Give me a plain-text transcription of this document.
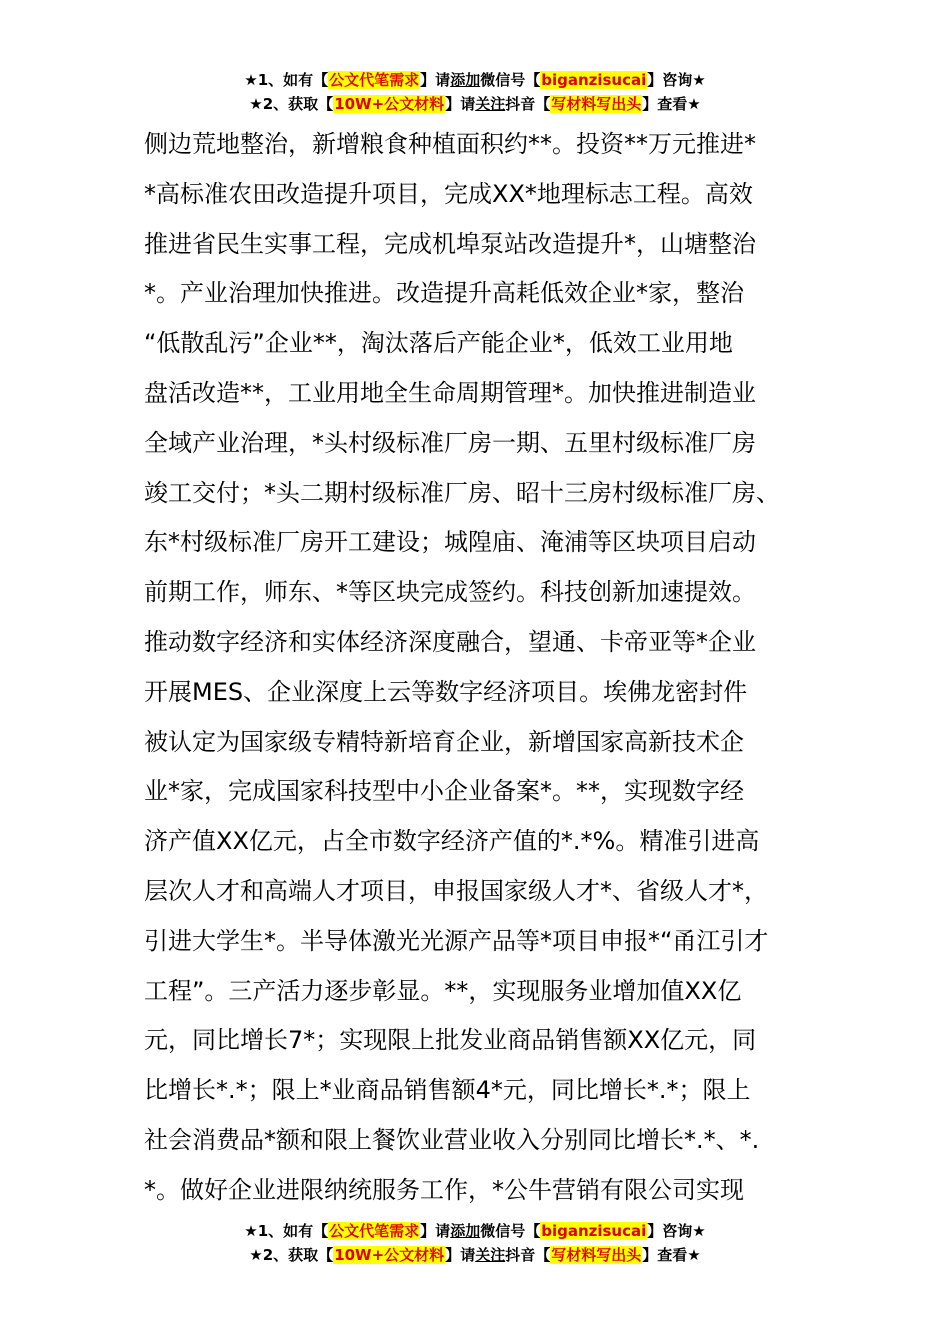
★1、如有【公文代笔需求】请添加微信号【biganzisucai】咨询★
★2、获取【10W+公文材料】请关注抖音【写材料写出头】查看★
侧边荒地整治，新增粮食种植面积约**。投资**万元推进*
*高标准农田改造提升项目，完成XX*地理标志工程。高效
推进省民生实事工程，完成机埠泵站改造提升*，山塘整治
*。产业治理加快推进。改造提升高耗低效企业*家，整治
“低散乱污”企业**，淘汰落后产能企业*，低效工业用地
盘活改造**，工业用地全生命周期管理*。加快推进制造业
全域产业治理，*头村级标准厂房一期、五里村级标准厂房
竣工交付；*头二期村级标准厂房、昭十三房村级标准厂房、
东*村级标准厂房开工建设；城隍庙、淹浦等区块项目启动
前期工作，师东、*等区块完成签约。科技创新加速提效。
推动数字经济和实体经济深度融合，望通、卡帝亚等*企业
开展MES、企业深度上云等数字经济项目。埃佛龙密封件
被认定为国家级专精特新培育企业，新增国家高新技术企
业*家，完成国家科技型中小企业备案*。**，实现数字经
济产值XX亿元，占全市数字经济产值的*.*%。精准引进高
层次人才和高端人才项目，申报国家级人才*、省级人才*，
引进大学生*。半导体激光光源产品等*项目申报*“甬江引才
工程”。三产活力逐步彰显。**，实现服务业增加值XX亿
元，同比增长7*；实现限上批发业商品销售额XX亿元，同
比增长*.*；限上*业商品销售额4*元，同比增长*.*；限上
社会消费品*额和限上餐饮业营业收入分别同比增长*.*、*.
*。做好企业进限纳统服务工作，*公牛营销有限公司实现
★1、如有【公文代笔需求】请添加微信号【biganzisucai】咨询★
★2、获取【10W+公文材料】请关注抖音【写材料写出头】查看★
